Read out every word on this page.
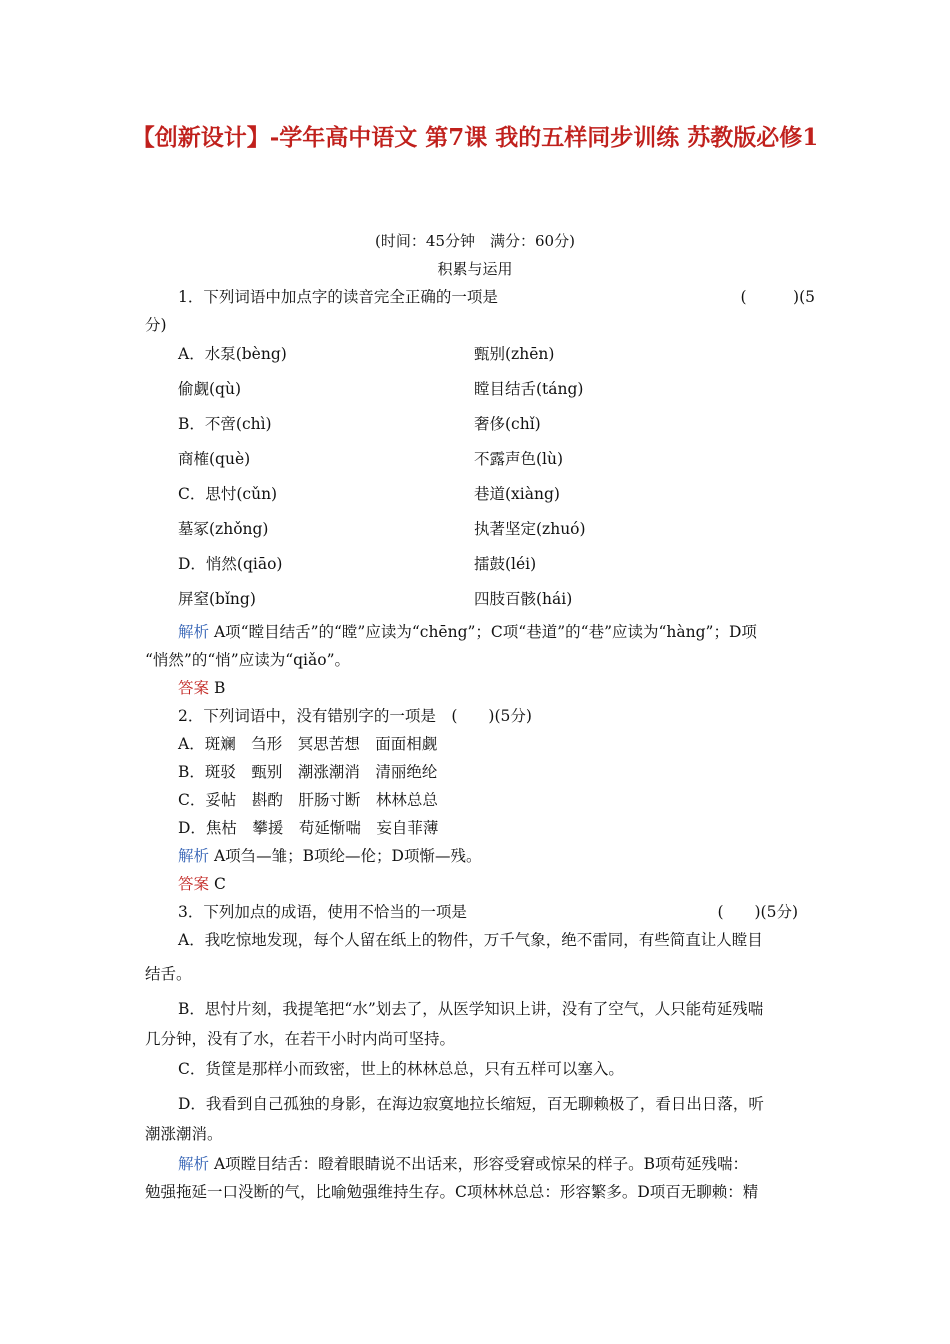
【创新设计】-学年高中语文 第7课 我的五样同步训练 苏教版必修1
(时间：45分钟　满分：60分)
积累与运用
1．下列词语中加点字的读音完全正确的一项是	(　　　)(5
分)
A．水泵(bèng)	甄别(zhēn)
偷觑(qù)	瞠目结舌(táng)
B．不啻(chì)	奢侈(chǐ)
商榷(què)	不露声色(lù)
C．思忖(cǔn)	巷道(xiàng)
墓冢(zhǒng)	执著坚定(zhuó)
D．悄然(qiāo)	擂鼓(léi)
屏窒(bǐng)	四肢百骸(hái)
解析 A项“瞠目结舌”的“瞠”应读为“chēng”；C项“巷道”的“巷”应读为“hàng”；D项
“悄然”的“悄”应读为“qiǎo”。
答案 B
2．下列词语中，没有错别字的一项是　(　　)(5分)
A．斑斓　刍形　冥思苦想　面面相觑
B．斑驳　甄别　潮涨潮消　清丽绝纶
C．妥帖　斟酌　肝肠寸断　林林总总
D．焦枯　攀援　苟延惭喘　妄自菲薄
解析 A项刍—雏；B项纶—伦；D项惭—残。
答案 C
3．下列加点的成语，使用不恰当的一项是	(　　)(5分)
A．我吃惊地发现，每个人留在纸上的物件，万千气象，绝不雷同，有些简直让人瞠目
结舌。
B．思忖片刻，我提笔把“水”划去了，从医学知识上讲，没有了空气，人只能苟延残喘
几分钟，没有了水，在若干小时内尚可坚持。
C．货筐是那样小而致密，世上的林林总总，只有五样可以塞入。
D．我看到自己孤独的身影，在海边寂寞地拉长缩短，百无聊赖极了，看日出日落，听
潮涨潮消。
解析 A项瞠目结舌：瞪着眼睛说不出话来，形容受窘或惊呆的样子。B项苟延残喘：
勉强拖延一口没断的气，比喻勉强维持生存。C项林林总总：形容繁多。D项百无聊赖：精
